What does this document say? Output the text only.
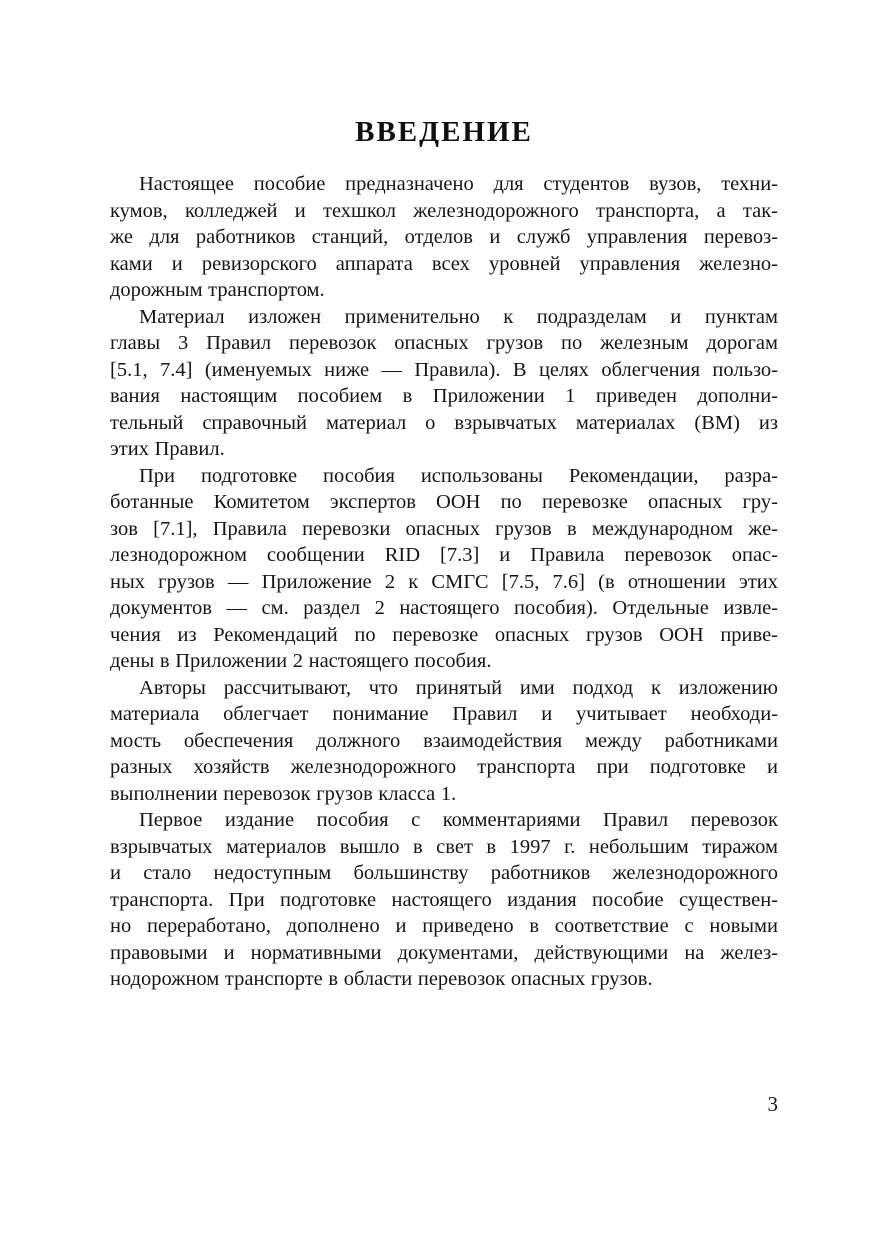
ВВЕДЕНИЕ
Настоящее пособие предназначено для студентов вузов, техни-
кумов, колледжей и техшкол железнодорожного транспорта, а так-
же для работников станций, отделов и служб управления перевоз-
ками и ревизорского аппарата всех уровней управления железно-
дорожным транспортом.
Материал изложен применительно к подразделам и пунктам
главы 3 Правил перевозок опасных грузов по железным дорогам
[5.1, 7.4] (именуемых ниже — Правила). В целях облегчения пользо-
вания настоящим пособием в Приложении 1 приведен дополни-
тельный справочный материал о взрывчатых материалах (ВМ) из
этих Правил.
При подготовке пособия использованы Рекомендации, разра-
ботанные Комитетом экспертов ООН по перевозке опасных гру-
зов [7.1], Правила перевозки опасных грузов в международном же-
лезнодорожном сообщении RID [7.3] и Правила перевозок опас-
ных грузов — Приложение 2 к СМГС [7.5, 7.6] (в отношении этих
документов — см. раздел 2 настоящего пособия). Отдельные извле-
чения из Рекомендаций по перевозке опасных грузов ООН приве-
дены в Приложении 2 настоящего пособия.
Авторы рассчитывают, что принятый ими подход к изложению
материала облегчает понимание Правил и учитывает необходи-
мость обеспечения должного взаимодействия между работниками
разных хозяйств железнодорожного транспорта при подготовке и
выполнении перевозок грузов класса 1.
Первое издание пособия с комментариями Правил перевозок
взрывчатых материалов вышло в свет в 1997 г. небольшим тиражом
и стало недоступным большинству работников железнодорожного
транспорта. При подготовке настоящего издания пособие существен-
но переработано, дополнено и приведено в соответствие с новыми
правовыми и нормативными документами, действующими на желез-
нодорожном транспорте в области перевозок опасных грузов.
3
